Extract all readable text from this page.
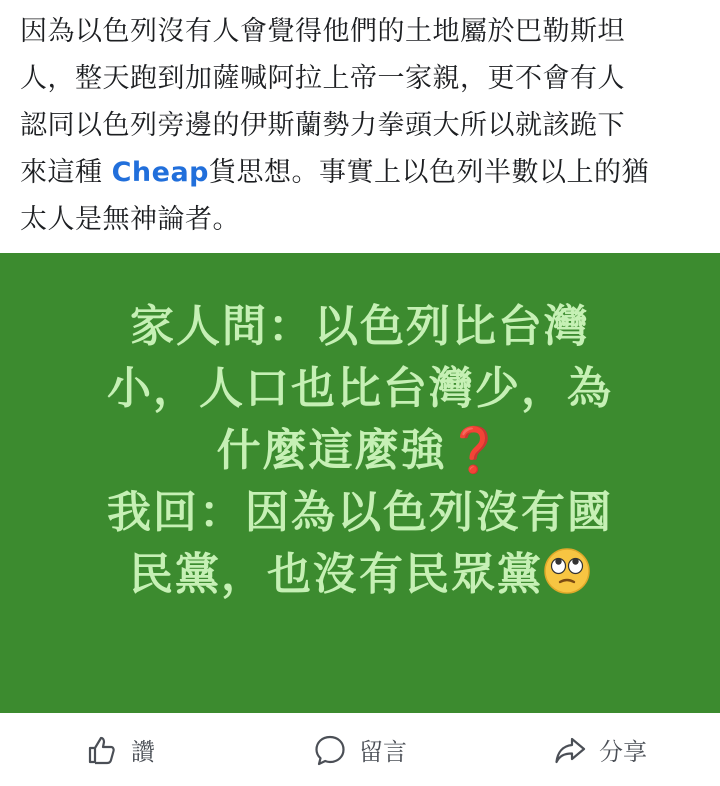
因為以色列沒有人會覺得他們的土地屬於巴勒斯坦
人，整天跑到加薩喊阿拉上帝一家親，更不會有人
認同以色列旁邊的伊斯蘭勢力拳頭大所以就該跪下
來這種 Cheap貨思想。事實上以色列半數以上的猶
太人是無神論者。
家人問：以色列比台灣
小，人口也比台灣少，為
什麼這麼強❓
我回：因為以色列沒有國
民黨，也沒有民眾黨
讚	留言	分享
